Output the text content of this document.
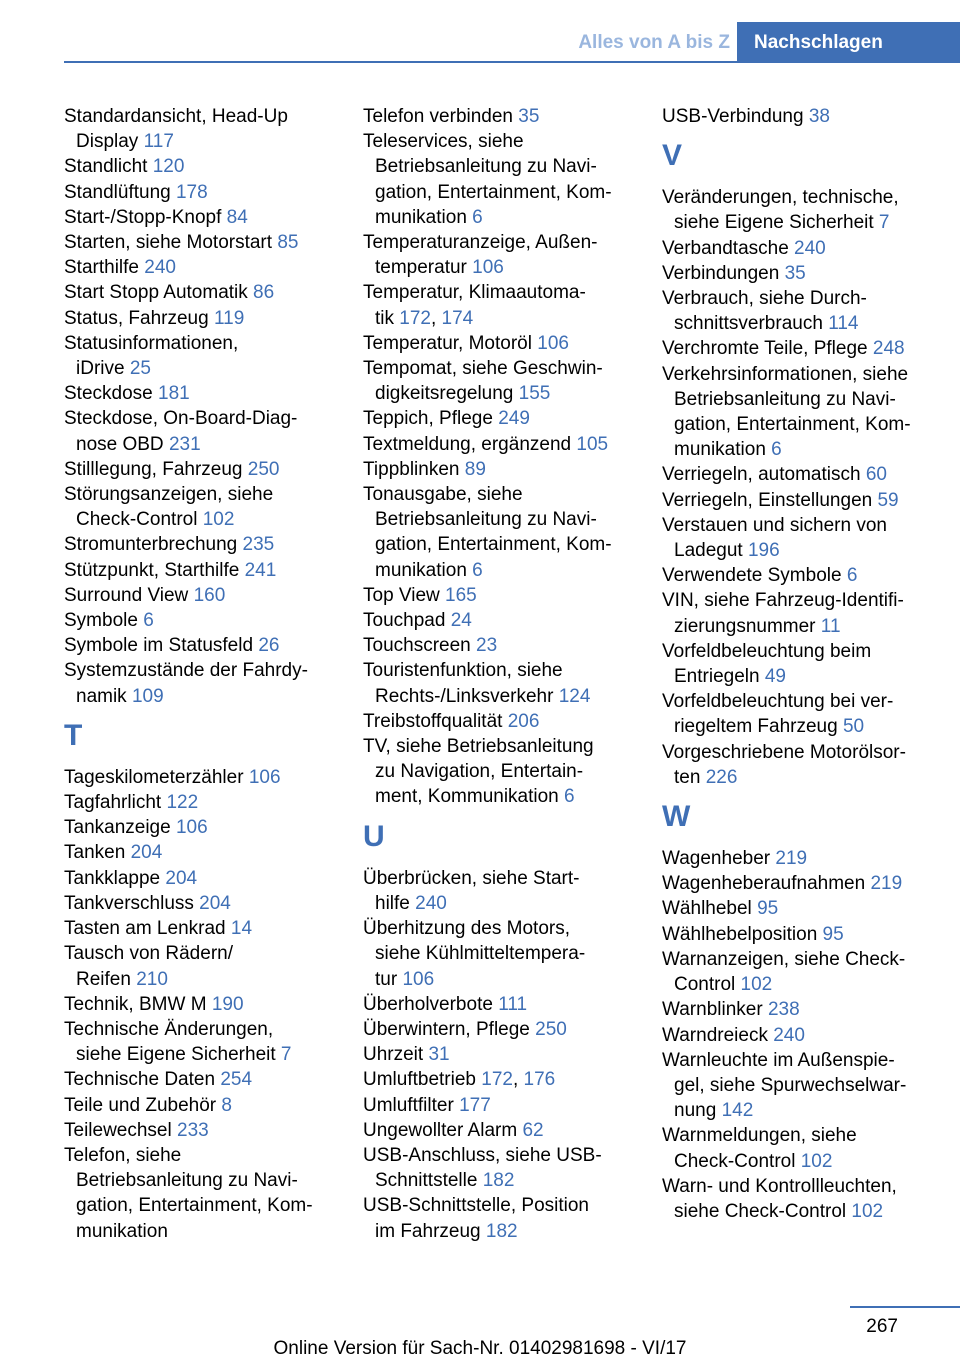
Alles von A bis Z	Nachschlagen
Standardansicht, Head-Up
Display 117
Standlicht 120
Standlüftung 178
Start-/Stopp-Knopf 84
Starten, siehe Motorstart 85
Starthilfe 240
Start Stopp Automatik 86
Status, Fahrzeug 119
Statusinformationen,
iDrive 25
Steckdose 181
Steckdose, On-Board-Diag-
nose OBD 231
Stilllegung, Fahrzeug 250
Störungsanzeigen, siehe
Check-Control 102
Stromunterbrechung 235
Stützpunkt, Starthilfe 241
Surround View 160
Symbole 6
Symbole im Statusfeld 26
Systemzustände der Fahrdy-
namik 109
T
Tageskilometerzähler 106
Tagfahrlicht 122
Tankanzeige 106
Tanken 204
Tankklappe 204
Tankverschluss 204
Tasten am Lenkrad 14
Tausch von Rädern/
Reifen 210
Technik, BMW M 190
Technische Änderungen,
siehe Eigene Sicherheit 7
Technische Daten 254
Teile und Zubehör 8
Teilewechsel 233
Telefon, siehe
Betriebsanleitung zu Navi-
gation, Entertainment, Kom-
munikation
Telefon verbinden 35
Teleservices, siehe
Betriebsanleitung zu Navi-
gation, Entertainment, Kom-
munikation 6
Temperaturanzeige, Außen-
temperatur 106
Temperatur, Klimaautoma-
tik 172, 174
Temperatur, Motoröl 106
Tempomat, siehe Geschwin-
digkeitsregelung 155
Teppich, Pflege 249
Textmeldung, ergänzend 105
Tippblinken 89
Tonausgabe, siehe
Betriebsanleitung zu Navi-
gation, Entertainment, Kom-
munikation 6
Top View 165
Touchpad 24
Touchscreen 23
Touristenfunktion, siehe
Rechts-/Linksverkehr 124
Treibstoffqualität 206
TV, siehe Betriebsanleitung
zu Navigation, Entertain-
ment, Kommunikation 6
U
Überbrücken, siehe Start-
hilfe 240
Überhitzung des Motors,
siehe Kühlmitteltempera-
tur 106
Überholverbote 111
Überwintern, Pflege 250
Uhrzeit 31
Umluftbetrieb 172, 176
Umluftfilter 177
Ungewollter Alarm 62
USB-Anschluss, siehe USB-
Schnittstelle 182
USB-Schnittstelle, Position
im Fahrzeug 182
USB-Verbindung 38
V
Veränderungen, technische,
siehe Eigene Sicherheit 7
Verbandtasche 240
Verbindungen 35
Verbrauch, siehe Durch-
schnittsverbrauch 114
Verchromte Teile, Pflege 248
Verkehrsinformationen, siehe
Betriebsanleitung zu Navi-
gation, Entertainment, Kom-
munikation 6
Verriegeln, automatisch 60
Verriegeln, Einstellungen 59
Verstauen und sichern von
Ladegut 196
Verwendete Symbole 6
VIN, siehe Fahrzeug-Identifi-
zierungsnummer 11
Vorfeldbeleuchtung beim
Entriegeln 49
Vorfeldbeleuchtung bei ver-
riegeltem Fahrzeug 50
Vorgeschriebene Motorölsor-
ten 226
W
Wagenheber 219
Wagenheberaufnahmen 219
Wählhebel 95
Wählhebelposition 95
Warnanzeigen, siehe Check-
Control 102
Warnblinker 238
Warndreieck 240
Warnleuchte im Außenspie-
gel, siehe Spurwechselwar-
nung 142
Warnmeldungen, siehe
Check-Control 102
Warn- und Kontrollleuchten,
siehe Check-Control 102
267
Online Version für Sach-Nr. 01402981698 - VI/17
